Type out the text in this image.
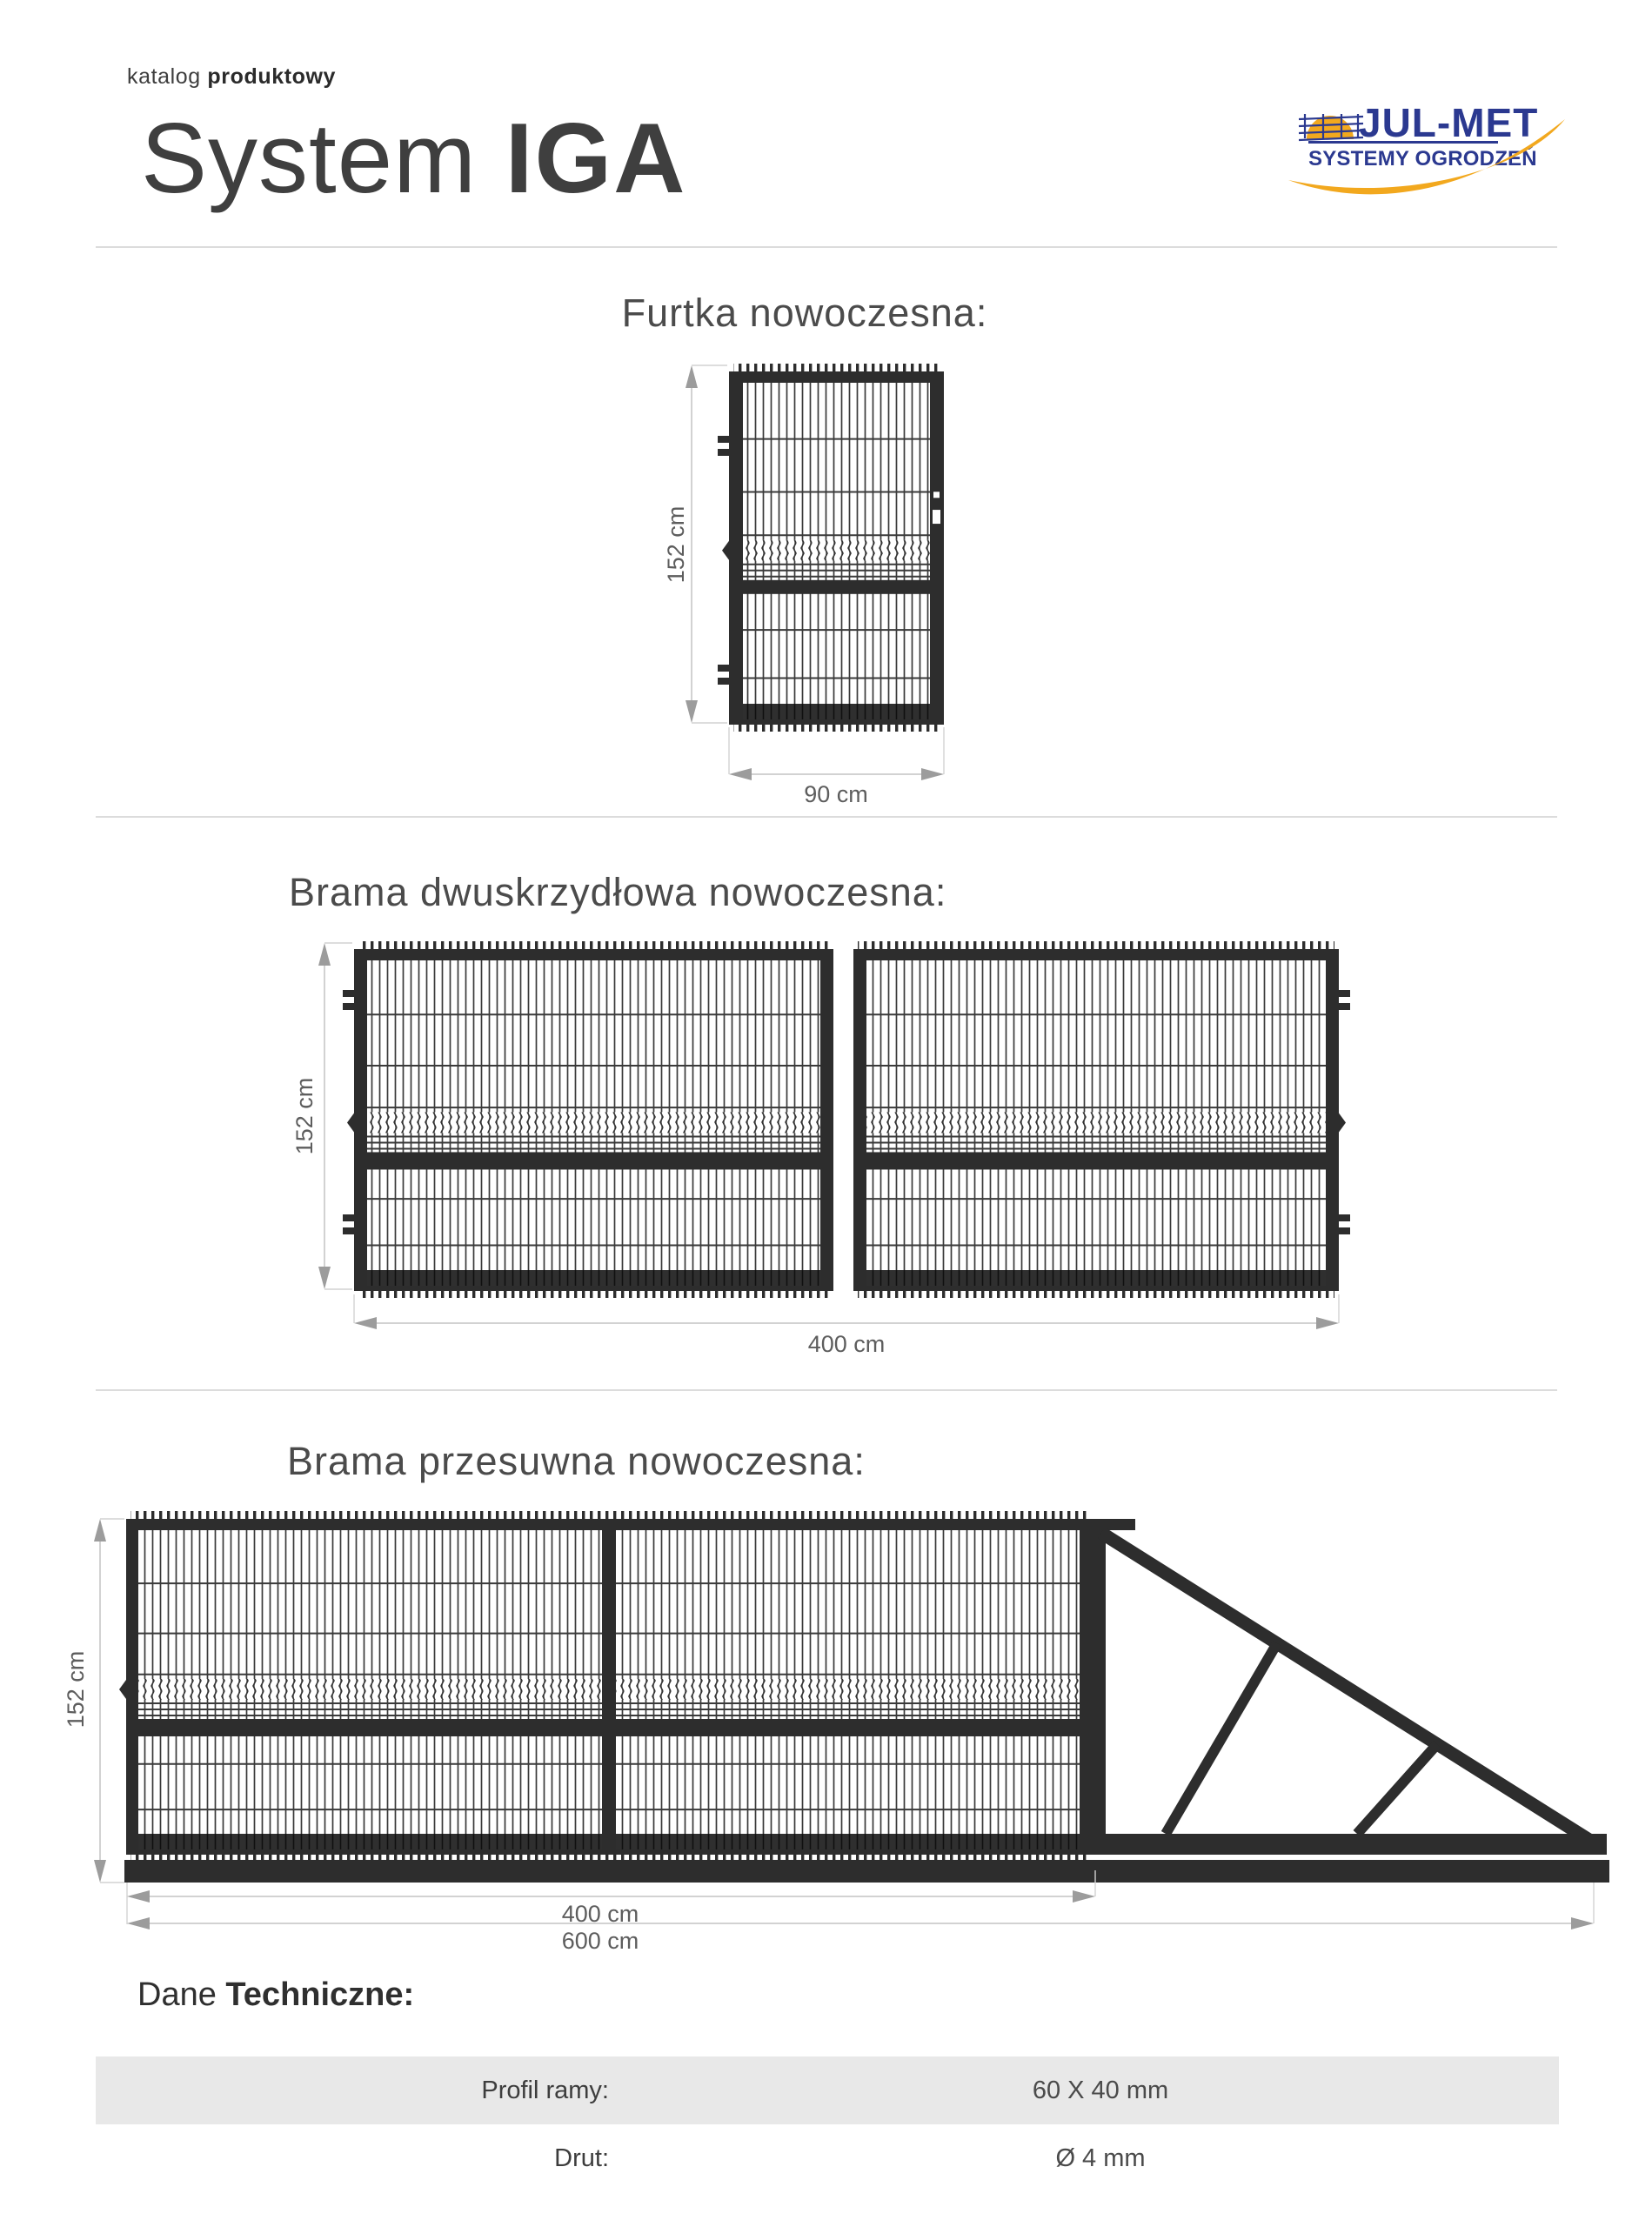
katalog produktowy
System IGA	JUL-MET
SYSTEMY OGRODZEŃ
Furtka nowoczesna:
Brama dwuskrzydłowa nowoczesna:
Brama przesuwna nowoczesna:
Dane Techniczne:
Profil ramy:	60 X 40 mm
Drut:	Ø 4 mm
152 cm
90 cm
152 cm
400 cm
152 cm
400 cm
600 cm
